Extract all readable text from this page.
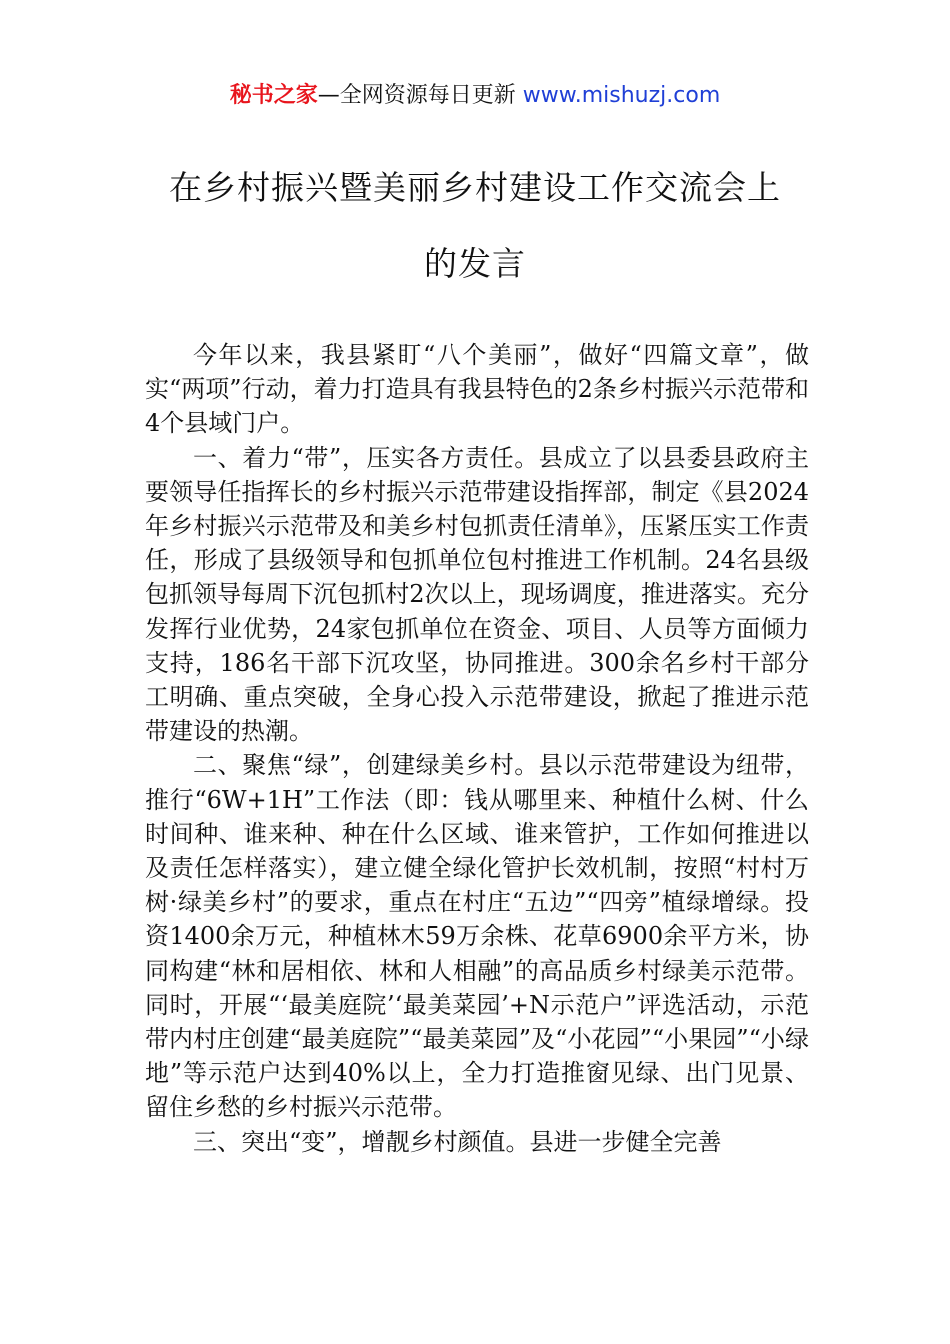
秘书之家—全网资源每日更新 www.mishuzj.com
在乡村振兴暨美丽乡村建设工作交流会上
的发言

今年以来，我县紧盯“八个美丽”，做好“四篇文章”，做实“两项”行动，着力打造具有我县特色的2条乡村振兴示范带和4个县域门户。

一、着力“带”，压实各方责任。县成立了以县委县政府主要领导任指挥长的乡村振兴示范带建设指挥部，制定《县2024年乡村振兴示范带及和美乡村包抓责任清单》，压紧压实工作责任，形成了县级领导和包抓单位包村推进工作机制。24名县级包抓领导每周下沉包抓村2次以上，现场调度，推进落实。充分发挥行业优势，24家包抓单位在资金、项目、人员等方面倾力支持，186名干部下沉攻坚，协同推进。300余名乡村干部分工明确、重点突破，全身心投入示范带建设，掀起了推进示范带建设的热潮。

二、聚焦“绿”，创建绿美乡村。县以示范带建设为纽带，推行“6W+1H”工作法（即：钱从哪里来、种植什么树、什么时间种、谁来种、种在什么区域、谁来管护，工作如何推进以及责任怎样落实），建立健全绿化管护长效机制，按照“村村万树·绿美乡村”的要求，重点在村庄“五边”“四旁”植绿增绿。投资1400余万元，种植林木59万余株、花草6900余平方米，协同构建“林和居相依、林和人相融”的高品质乡村绿美示范带。同时，开展“‘最美庭院’‘最美菜园’+N示范户”评选活动，示范带内村庄创建“最美庭院”“最美菜园”及“小花园”“小果园”“小绿地”等示范户达到40%以上，全力打造推窗见绿、出门见景、留住乡愁的乡村振兴示范带。

三、突出“变”，增靓乡村颜值。县进一步健全完善
